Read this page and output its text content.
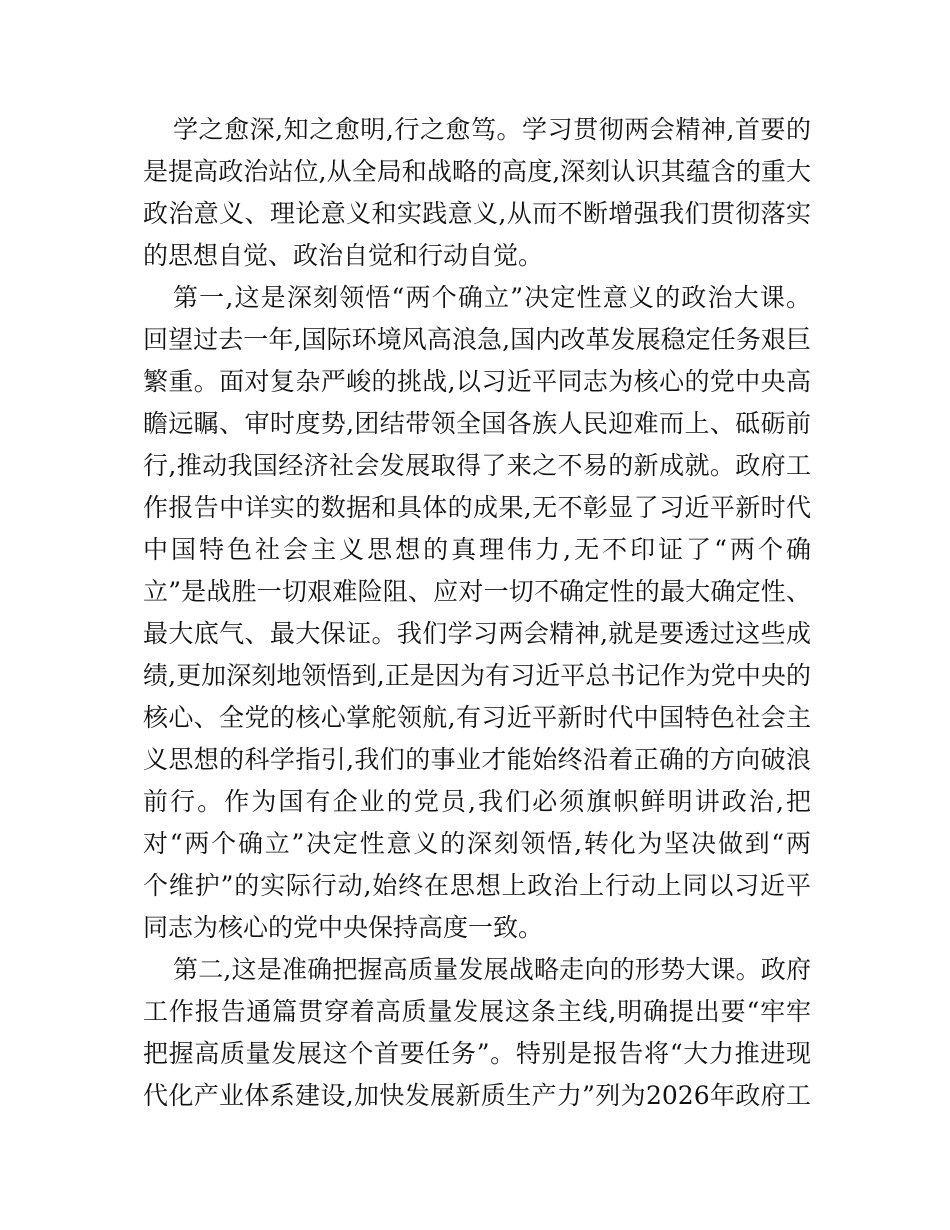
学之愈深,知之愈明,行之愈笃。学习贯彻两会精神,首要的
是提高政治站位,从全局和战略的高度,深刻认识其蕴含的重大
政治意义、理论意义和实践意义,从而不断增强我们贯彻落实
的思想自觉、政治自觉和行动自觉。
第一,这是深刻领悟“两个确立”决定性意义的政治大课。
回望过去一年,国际环境风高浪急,国内改革发展稳定任务艰巨
繁重。面对复杂严峻的挑战,以习近平同志为核心的党中央高
瞻远瞩、审时度势,团结带领全国各族人民迎难而上、砥砺前
行,推动我国经济社会发展取得了来之不易的新成就。政府工
作报告中详实的数据和具体的成果,无不彰显了习近平新时代
中国特色社会主义思想的真理伟力,无不印证了“两个确
立”是战胜一切艰难险阻、应对一切不确定性的最大确定性、
最大底气、最大保证。我们学习两会精神,就是要透过这些成
绩,更加深刻地领悟到,正是因为有习近平总书记作为党中央的
核心、全党的核心掌舵领航,有习近平新时代中国特色社会主
义思想的科学指引,我们的事业才能始终沿着正确的方向破浪
前行。作为国有企业的党员,我们必须旗帜鲜明讲政治,把
对“两个确立”决定性意义的深刻领悟,转化为坚决做到“两
个维护”的实际行动,始终在思想上政治上行动上同以习近平
同志为核心的党中央保持高度一致。
第二,这是准确把握高质量发展战略走向的形势大课。政府
工作报告通篇贯穿着高质量发展这条主线,明确提出要“牢牢
把握高质量发展这个首要任务”。特别是报告将“大力推进现
代化产业体系建设,加快发展新质生产力”列为2026年政府工
